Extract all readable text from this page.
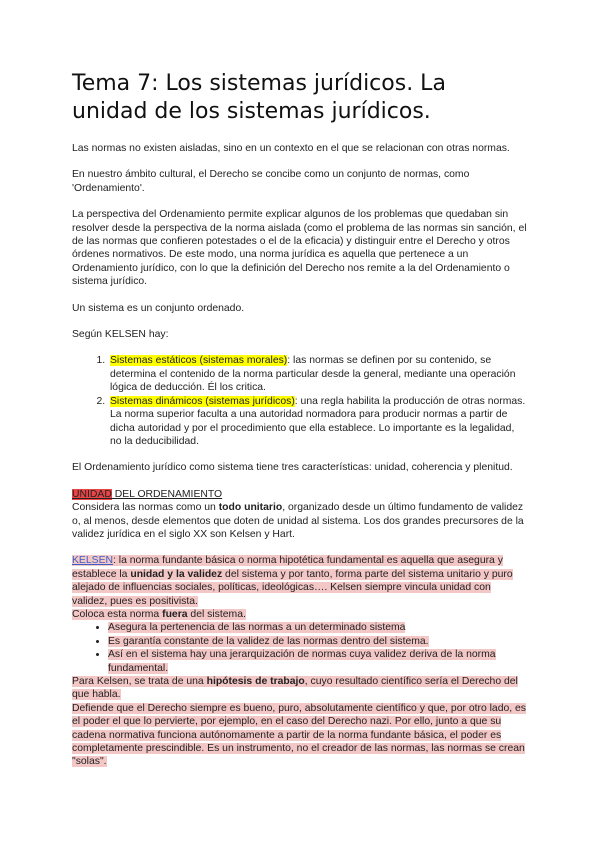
Tema 7: Los sistemas jurídicos. La unidad de los sistemas jurídicos.

Las normas no existen aisladas, sino en un contexto en el que se relacionan con otras normas.

En nuestro ámbito cultural, el Derecho se concibe como un conjunto de normas, como 'Ordenamiento'.

La perspectiva del Ordenamiento permite explicar algunos de los problemas que quedaban sin resolver desde la perspectiva de la norma aislada (como el problema de las normas sin sanción, el de las normas que confieren potestades o el de la eficacia) y distinguir entre el Derecho y otros órdenes normativos. De este modo, una norma jurídica es aquella que pertenece a un Ordenamiento jurídico, con lo que la definición del Derecho nos remite a la del Ordenamiento o sistema jurídico.

Un sistema es un conjunto ordenado.

Según KELSEN hay:

1. Sistemas estáticos (sistemas morales): las normas se definen por su contenido, se determina el contenido de la norma particular desde la general, mediante una operación lógica de deducción. Él los critica.
2. Sistemas dinámicos (sistemas jurídicos): una regla habilita la producción de otras normas. La norma superior faculta a una autoridad normadora para producir normas a partir de dicha autoridad y por el procedimiento que ella establece. Lo importante es la legalidad, no la deducibilidad.

El Ordenamiento jurídico como sistema tiene tres características: unidad, coherencia y plenitud.

UNIDAD DEL ORDENAMIENTO

Considera las normas como un todo unitario, organizado desde un último fundamento de validez o, al menos, desde elementos que doten de unidad al sistema. Los dos grandes precursores de la validez jurídica en el siglo XX son Kelsen y Hart.

KELSEN: la norma fundante básica o norma hipotética fundamental es aquella que asegura y establece la unidad y la validez del sistema y por tanto, forma parte del sistema unitario y puro alejado de influencias sociales, políticas, ideológicas…. Kelsen siempre vincula unidad con validez, pues es positivista.

Coloca esta norma fuera del sistema.

• Asegura la pertenencia de las normas a un determinado sistema
• Es garantía constante de la validez de las normas dentro del sistema.
• Así en el sistema hay una jerarquización de normas cuya validez deriva de la norma fundamental.

Para Kelsen, se trata de una hipótesis de trabajo, cuyo resultado científico sería el Derecho del que habla.

Defiende que el Derecho siempre es bueno, puro, absolutamente científico y que, por otro lado, es el poder el que lo pervierte, por ejemplo, en el caso del Derecho nazi. Por ello, junto a que su cadena normativa funciona autónomamente a partir de la norma fundante básica, el poder es completamente prescindible. Es un instrumento, no el creador de las normas, las normas se crean "solas".
